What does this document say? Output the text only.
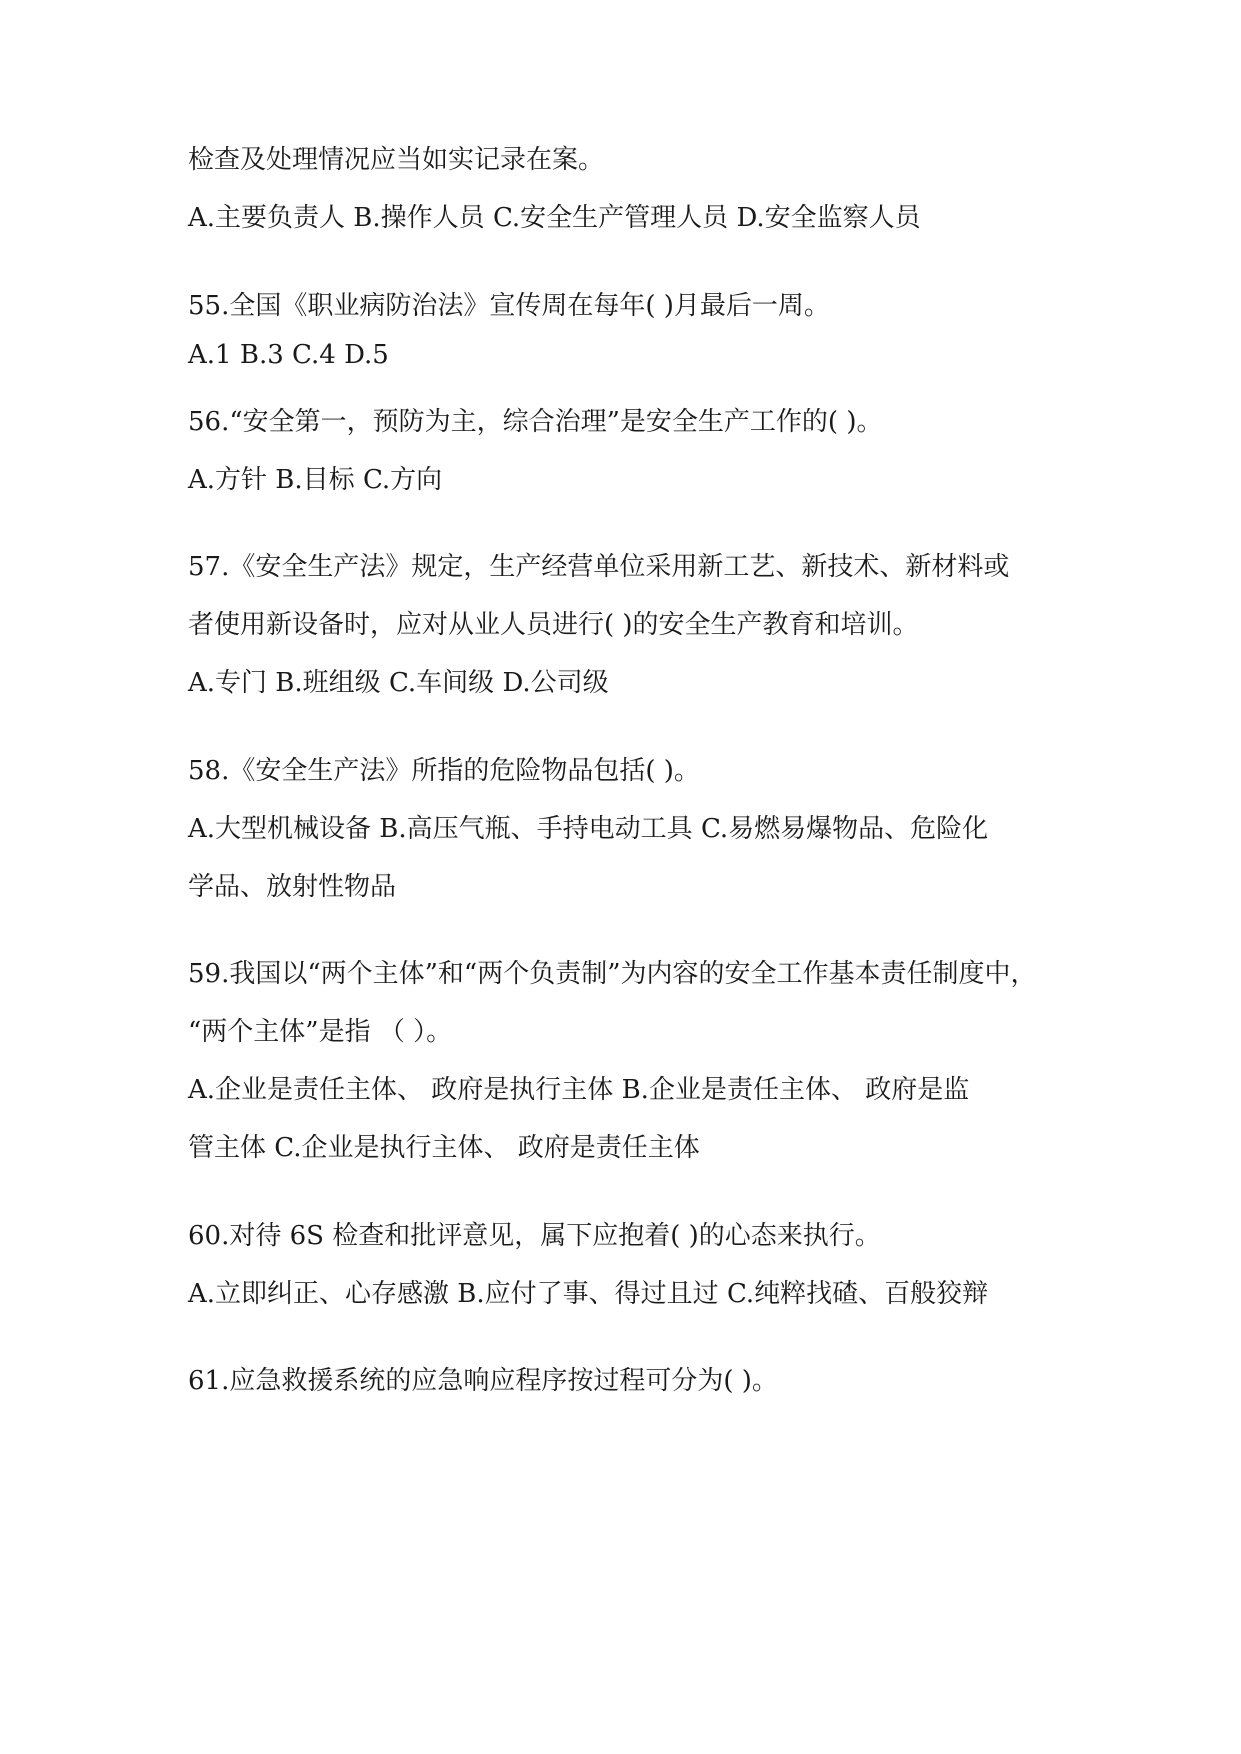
检查及处理情况应当如实记录在案。
A.主要负责人 B.操作人员 C.安全生产管理人员 D.安全监察人员
55.全国《职业病防治法》宣传周在每年( )月最后一周。
A.1 B.3 C.4 D.5
56.“安全第一，预防为主，综合治理”是安全生产工作的( )。
A.方针 B.目标 C.方向
57.《安全生产法》规定，生产经营单位采用新工艺、新技术、新材料或
者使用新设备时，应对从业人员进行( )的安全生产教育和培训。
A.专门 B.班组级 C.车间级 D.公司级
58.《安全生产法》所指的危险物品包括( )。
A.大型机械设备 B.高压气瓶、手持电动工具 C.易燃易爆物品、危险化
学品、放射性物品
59.我国以“两个主体”和“两个负责制”为内容的安全工作基本责任制度中，
“两个主体”是指 （ ）。
A.企业是责任主体、 政府是执行主体 B.企业是责任主体、 政府是监
管主体 C.企业是执行主体、 政府是责任主体
60.对待 6S 检查和批评意见，属下应抱着( )的心态来执行。
A.立即纠正、心存感激 B.应付了事、得过且过 C.纯粹找碴、百般狡辩
61.应急救援系统的应急响应程序按过程可分为( )。
